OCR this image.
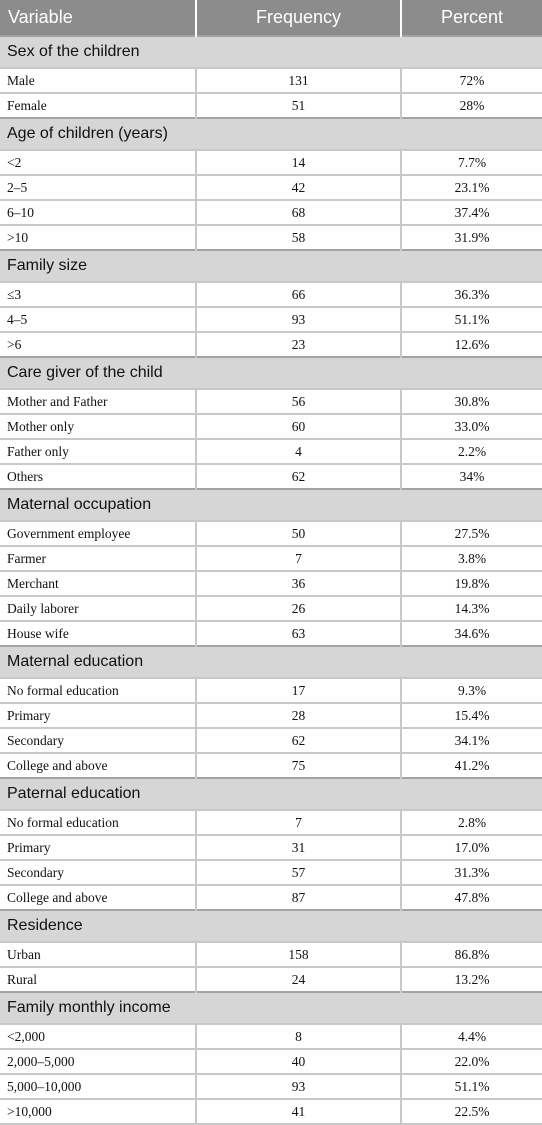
Variable	Frequency	Percent
Sex of the children		
Male	131	72%
Female	51	28%
Age of children (years)		
<2	14	7.7%
2–5	42	23.1%
6–10	68	37.4%
>10	58	31.9%
Family size		
≤3	66	36.3%
4–5	93	51.1%
>6	23	12.6%
Care giver of the child		
Mother and Father	56	30.8%
Mother only	60	33.0%
Father only	4	2.2%
Others	62	34%
Maternal occupation		
Government employee	50	27.5%
Farmer	7	3.8%
Merchant	36	19.8%
Daily laborer	26	14.3%
House wife	63	34.6%
Maternal education		
No formal education	17	9.3%
Primary	28	15.4%
Secondary	62	34.1%
College and above	75	41.2%
Paternal education		
No formal education	7	2.8%
Primary	31	17.0%
Secondary	57	31.3%
College and above	87	47.8%
Residence		
Urban	158	86.8%
Rural	24	13.2%
Family monthly income		
<2,000	8	4.4%
2,000–5,000	40	22.0%
5,000–10,000	93	51.1%
>10,000	41	22.5%
